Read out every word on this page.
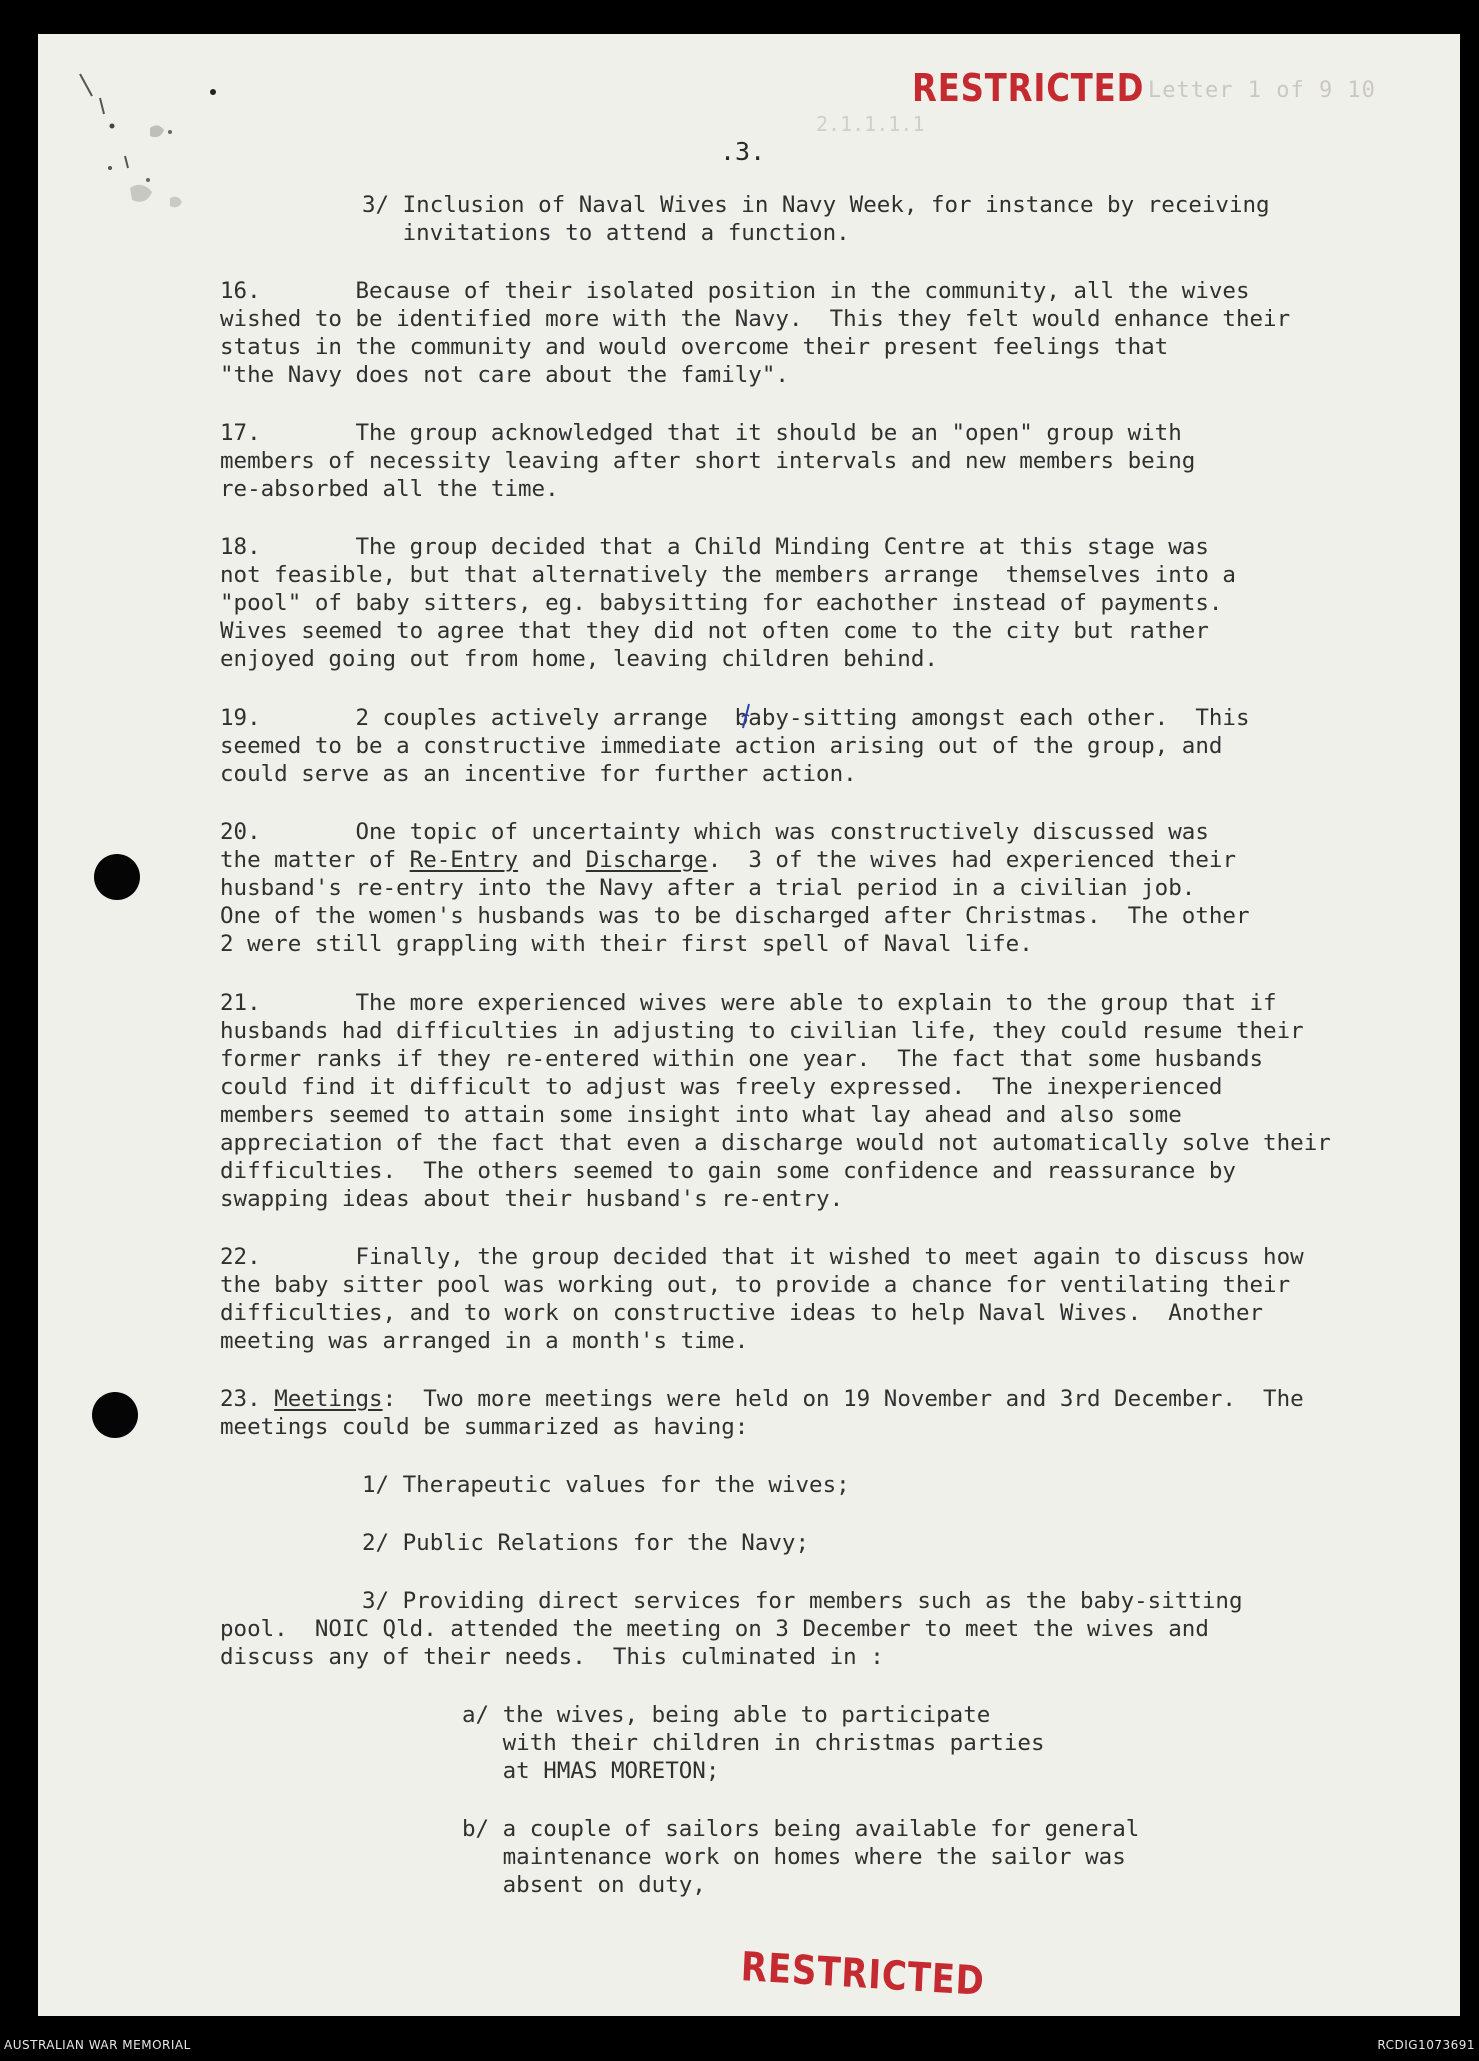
Letter 1 of 9 10
2.1.1.1.1
RESTRICTED
.3.

3/ Inclusion of Naval Wives in Navy Week, for instance by receiving

invitations to attend a function.

16.       Because of their isolated position in the community, all the wives

wished to be identified more with the Navy.  This they felt would enhance their

status in the community and would overcome their present feelings that

"the Navy does not care about the family".

17.       The group acknowledged that it should be an "open" group with

members of necessity leaving after short intervals and new members being

re-absorbed all the time.

18.       The group decided that a Child Minding Centre at this stage was

not feasible, but that alternatively the members arrange  themselves into a

"pool" of baby sitters, eg. babysitting for eachother instead of payments.

Wives seemed to agree that they did not often come to the city but rather

enjoyed going out from home, leaving children behind.

19.       2 couples actively arrange  baby-sitting amongst each other.  This

seemed to be a constructive immediate action arising out of the group, and

could serve as an incentive for further action.

20.       One topic of uncertainty which was constructively discussed was

the matter of Re-Entry and Discharge.  3 of the wives had experienced their

husband's re-entry into the Navy after a trial period in a civilian job.

One of the women's husbands was to be discharged after Christmas.  The other

2 were still grappling with their first spell of Naval life.

21.       The more experienced wives were able to explain to the group that if

husbands had difficulties in adjusting to civilian life, they could resume their

former ranks if they re-entered within one year.  The fact that some husbands

could find it difficult to adjust was freely expressed.  The inexperienced

members seemed to attain some insight into what lay ahead and also some

appreciation of the fact that even a discharge would not automatically solve their

difficulties.  The others seemed to gain some confidence and reassurance by

swapping ideas about their husband's re-entry.

22.       Finally, the group decided that it wished to meet again to discuss how

the baby sitter pool was working out, to provide a chance for ventilating their

difficulties, and to work on constructive ideas to help Naval Wives.  Another

meeting was arranged in a month's time.

23. Meetings:  Two more meetings were held on 19 November and 3rd December.  The

meetings could be summarized as having:

1/ Therapeutic values for the wives;

2/ Public Relations for the Navy;

3/ Providing direct services for members such as the baby-sitting

pool.  NOIC Qld. attended the meeting on 3 December to meet the wives and

discuss any of their needs.  This culminated in :

a/ the wives, being able to participate

with their children in christmas parties

at HMAS MORETON;

b/ a couple of sailors being available for general

maintenance work on homes where the sailor was

absent on duty,

RESTRICTED
AUSTRALIAN WAR MEMORIAL	RCDIG1073691
